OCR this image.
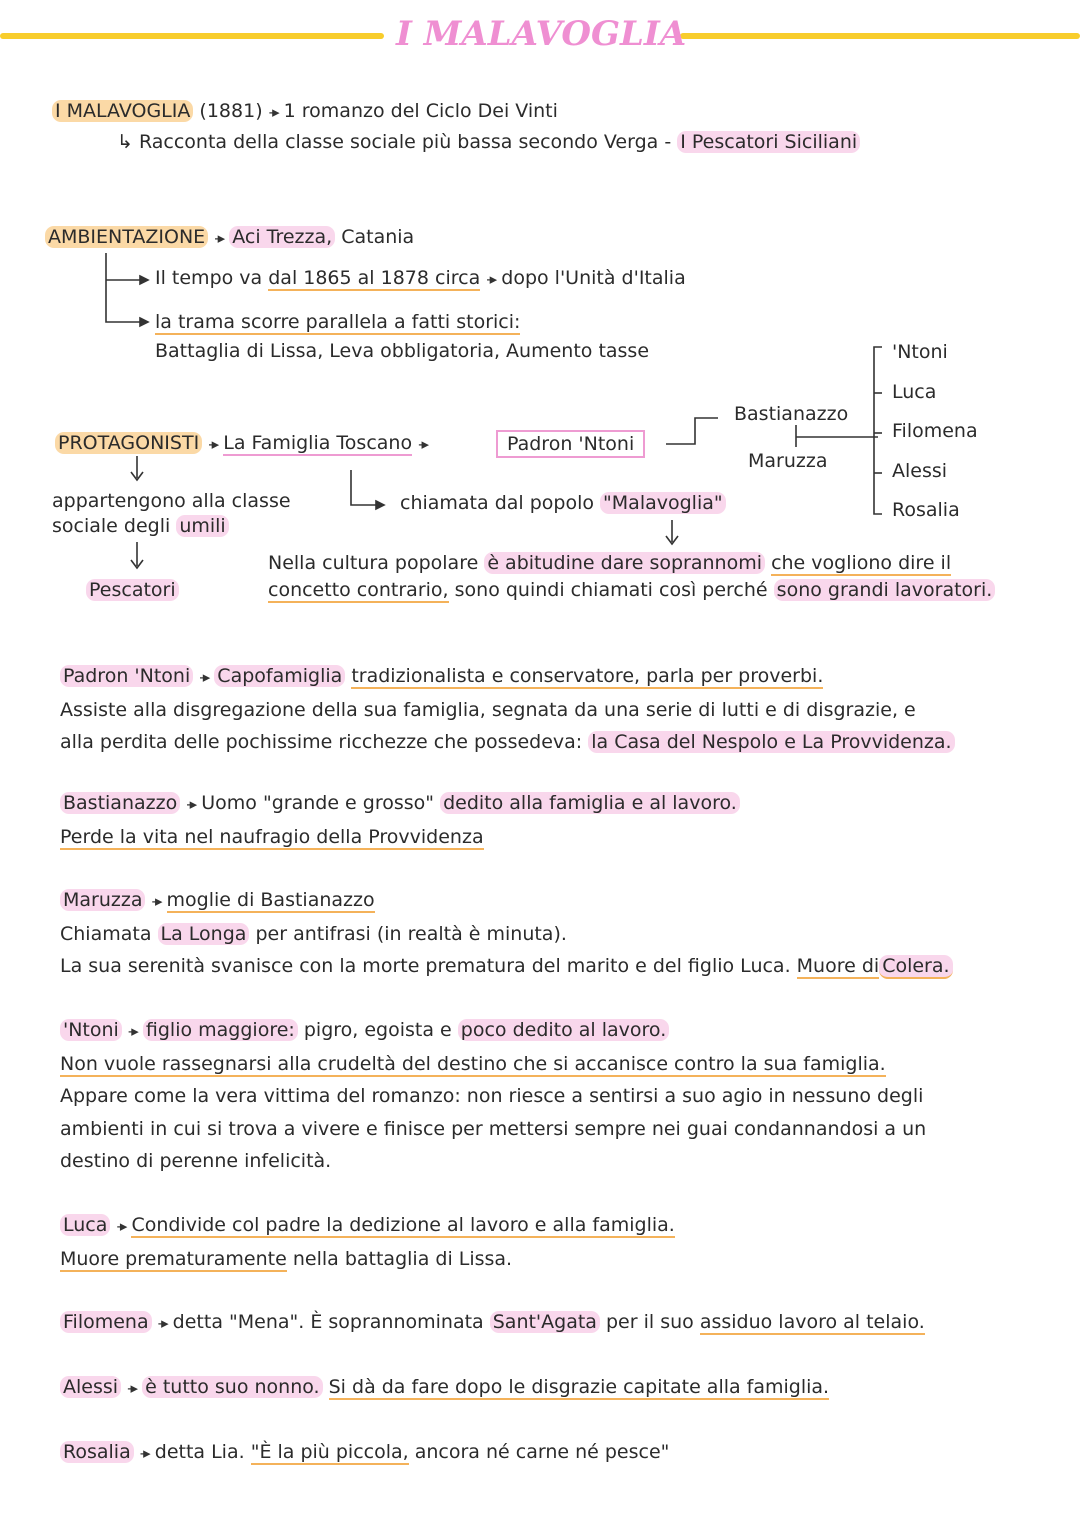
I MALAVOGLIA
I MALAVOGLIA (1881) -▸ 1 romanzo del Ciclo Dei Vinti
↳ Racconta della classe sociale più bassa secondo Verga - I Pescatori Siciliani
AMBIENTAZIONE -▸ Aci Trezza, Catania
Il tempo va dal 1865 al 1878 circa -▸ dopo l'Unità d'Italia
la trama scorre parallela a fatti storici:
Battaglia di Lissa, Leva obbligatoria, Aumento tasse
PROTAGONISTI -▸ La Famiglia Toscano -▸	Padron 'Ntoni
chiamata dal popolo "Malavoglia"
appartengono alla classe
sociale degli umili
Pescatori
Nella cultura popolare è abitudine dare soprannomi che vogliono dire il
concetto contrario, sono quindi chiamati così perché sono grandi lavoratori.
Bastianazzo
Maruzza
'Ntoni
Luca
Filomena
Alessi
Rosalia
Padron 'Ntoni -▸ Capofamiglia tradizionalista e conservatore, parla per proverbi.
Assiste alla disgregazione della sua famiglia, segnata da una serie di lutti e di disgrazie, e
alla perdita delle pochissime ricchezze che possedeva: la Casa del Nespolo e La Provvidenza.
Bastianazzo -▸ Uomo "grande e grosso" dedito alla famiglia e al lavoro.
Perde la vita nel naufragio della Provvidenza
Maruzza -▸ moglie di Bastianazzo
Chiamata La Longa per antifrasi (in realtà è minuta).
La sua serenità svanisce con la morte prematura del marito e del figlio Luca. Muore di Colera.
'Ntoni -▸ figlio maggiore: pigro, egoista e poco dedito al lavoro.
Non vuole rassegnarsi alla crudeltà del destino che si accanisce contro la sua famiglia.
Appare come la vera vittima del romanzo: non riesce a sentirsi a suo agio in nessuno degli
ambienti in cui si trova a vivere e finisce per mettersi sempre nei guai condannandosi a un
destino di perenne infelicità.
Luca -▸ Condivide col padre la dedizione al lavoro e alla famiglia.
Muore prematuramente nella battaglia di Lissa.
Filomena -▸ detta "Mena". È soprannominata Sant'Agata per il suo assiduo lavoro al telaio.
Alessi -▸ è tutto suo nonno. Si dà da fare dopo le disgrazie capitate alla famiglia.
Rosalia -▸ detta Lia. "È la più piccola, ancora né carne né pesce"
